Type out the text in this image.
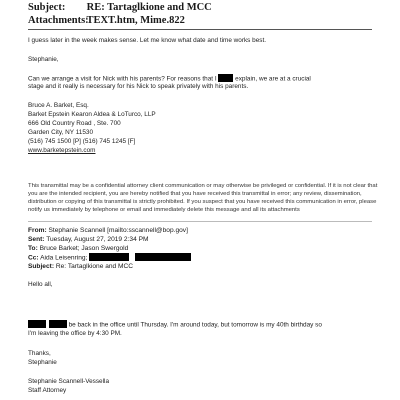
Subject: RE: Tartaglkione and MCC
Attachments: TEXT.htm, Mime.822
I guess later in the week makes sense. Let me know what date and time works best.
Stephanie,
Can we arrange a visit for Nick with his parents? For reasons that I	explain, we are at a crucial
stage and it really is necessary for his Nick to speak privately with his parents.
Bruce A. Barket, Esq.
Barket Epstein Kearon Aldea & LoTurco, LLP
666 Old Country Road , Ste. 700
Garden City, NY 11530
(516) 745 1500 [P] (516) 745 1245 [F]
www.barketepstein.com
This transmittal may be a confidential attorney client communication or may otherwise be privileged or confidential. If it is not clear that you are the intended recipient, you are hereby notified that you have received this transmittal in error; any review, dissemination, distribution or copying of this transmittal is strictly prohibited. If you suspect that you have received this communication in error, please notify us immediately by telephone or email and immediately delete this message and all its attachments
From: Stephanie Scannell [mailto:sscannell@bop.gov]
Sent: Tuesday, August 27, 2019 2:34 PM
To: Bruce Barket; Jason Swergold
Cc: Aida Leisenring;
Subject: Re: Tartaglkione and MCC
Hello all,
be back in the office until Thursday. I'm around today, but tomorrow is my 40th birthday so
I'm leaving the office by 4:30 PM.
Thanks,
Stephanie
Stephanie Scannell-Vessella
Staff Attorney
